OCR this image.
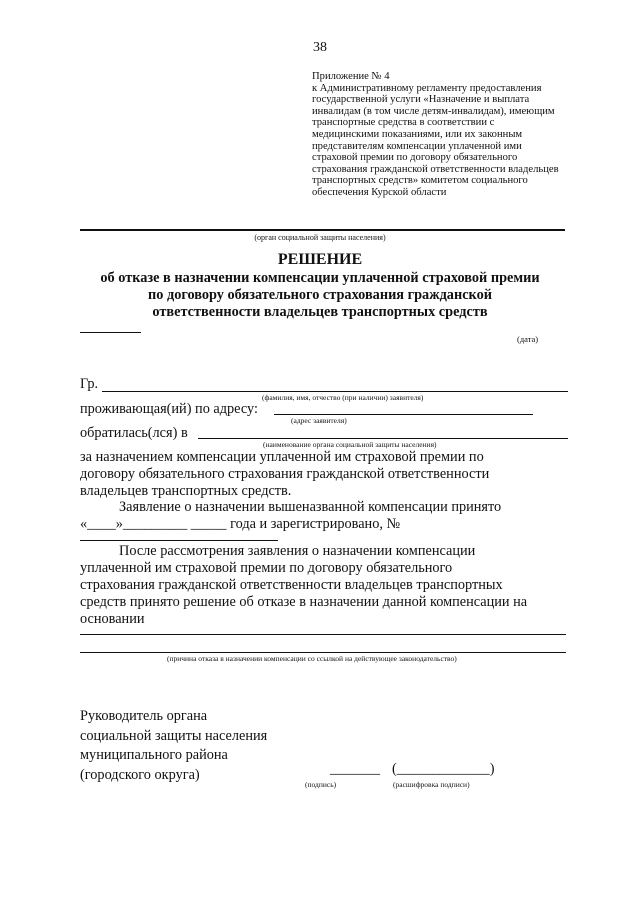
38
Приложение № 4
к Административному регламенту предоставления
государственной услуги «Назначение и выплата
инвалидам (в том числе детям-инвалидам), имеющим
транспортные средства в соответствии с
медицинскими показаниями, или их законным
представителям компенсации уплаченной ими
страховой премии по договору обязательного
страхования гражданской ответственности владельцев
транспортных средств» комитетом социального
обеспечения Курской области
(орган социальной защиты населения)
РЕШЕНИЕ
об отказе в назначении компенсации уплаченной страховой премии
по договору обязательного страхования гражданской
ответственности владельцев транспортных средств
(дата)
Гр.
(фамилия, имя, отчество (при наличии) заявителя)
проживающая(ий) по адресу:
(адрес заявителя)
обратилась(лся) в
(наименование органа социальной защиты населения)
за назначением компенсации уплаченной им страховой премии по
договору обязательного страхования гражданской ответственности
владельцев транспортных средств.
Заявление о назначении вышеназванной компенсации принято
«____»_________ _____ года и зарегистрировано, №
После рассмотрения заявления о назначении компенсации
уплаченной им страховой премии по договору обязательного
страхования гражданской ответственности владельцев транспортных
средств принято решение об отказе в назначении данной компенсации на
основании
(причина отказа в назначении компенсации со ссылкой на действующее законодательство)
Руководитель органа
социальной защиты населения
муниципального района
(городского округа)	_______ (_____________)
(подпись)	(расшифровка подписи)
